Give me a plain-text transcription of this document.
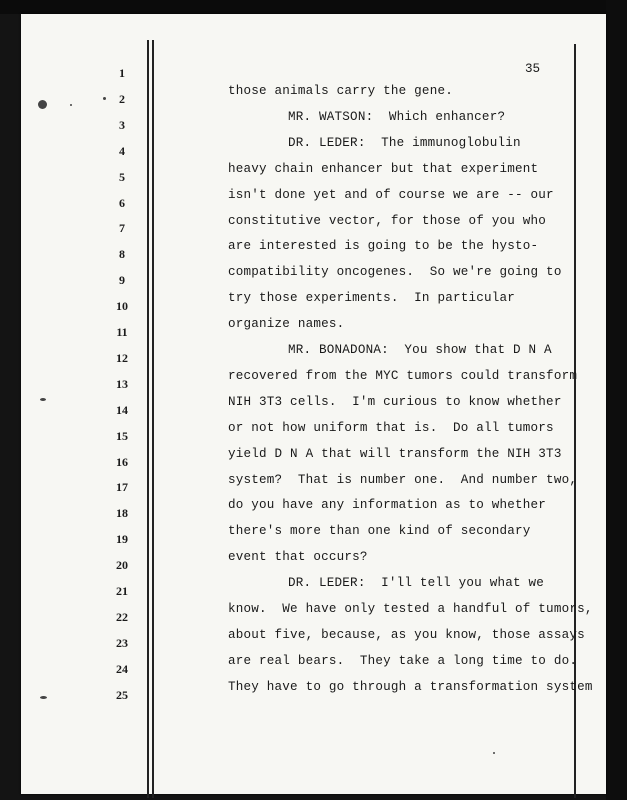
35
1
2
3
4
5
6
7
8
9
10
11
12
13
14
15
16
17
18
19
20
21
22
23
24
25
those animals carry the gene.
MR. WATSON:  Which enhancer?
DR. LEDER:  The immunoglobulin
heavy chain enhancer but that experiment
isn't done yet and of course we are -- our
constitutive vector, for those of you who
are interested is going to be the hysto-
compatibility oncogenes.  So we're going to
try those experiments.  In particular
organize names.
MR. BONADONA:  You show that D N A
recovered from the MYC tumors could transform
NIH 3T3 cells.  I'm curious to know whether
or not how uniform that is.  Do all tumors
yield D N A that will transform the NIH 3T3
system?  That is number one.  And number two,
do you have any information as to whether
there's more than one kind of secondary
event that occurs?
DR. LEDER:  I'll tell you what we
know.  We have only tested a handful of tumors,
about five, because, as you know, those assays
are real bears.  They take a long time to do.
They have to go through a transformation system
